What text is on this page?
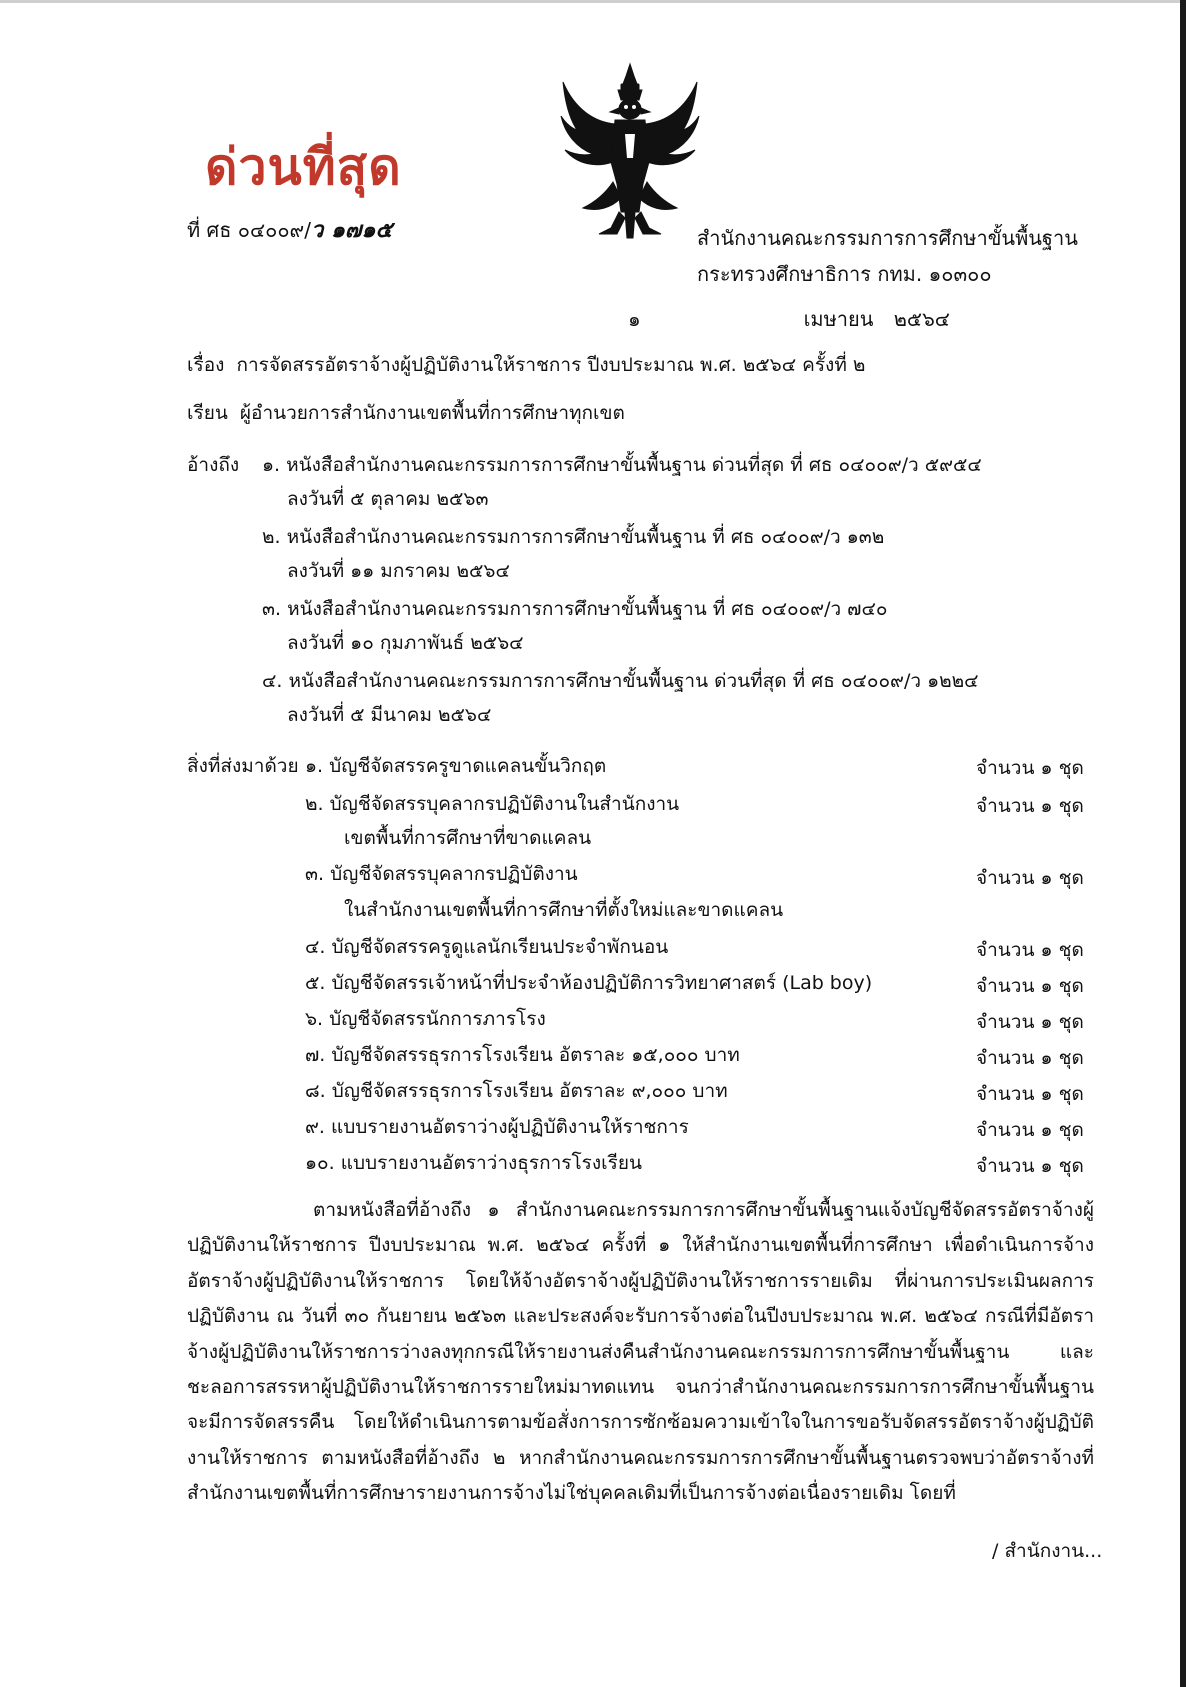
ด่วนที่สุด
ที่ ศธ ๐๔๐๐๙/ว ๑๗๑๕	สำนักงานคณะกรรมการการศึกษาขั้นพื้นฐาน
กระทรวงศึกษาธิการ กทม. ๑๐๓๐๐
๑	เมษายน ๒๕๖๔
เรื่อง การจัดสรรอัตราจ้างผู้ปฏิบัติงานให้ราชการ ปีงบประมาณ พ.ศ. ๒๕๖๔ ครั้งที่ ๒
เรียน ผู้อำนวยการสำนักงานเขตพื้นที่การศึกษาทุกเขต
อ้างถึง ๑. หนังสือสำนักงานคณะกรรมการการศึกษาขั้นพื้นฐาน ด่วนที่สุด ที่ ศธ ๐๔๐๐๙/ว ๕๙๕๔
ลงวันที่ ๕ ตุลาคม ๒๕๖๓
๒. หนังสือสำนักงานคณะกรรมการการศึกษาขั้นพื้นฐาน ที่ ศธ ๐๔๐๐๙/ว ๑๓๒
ลงวันที่ ๑๑ มกราคม ๒๕๖๔
๓. หนังสือสำนักงานคณะกรรมการการศึกษาขั้นพื้นฐาน ที่ ศธ ๐๔๐๐๙/ว ๗๔๐
ลงวันที่ ๑๐ กุมภาพันธ์ ๒๕๖๔
๔. หนังสือสำนักงานคณะกรรมการการศึกษาขั้นพื้นฐาน ด่วนที่สุด ที่ ศธ ๐๔๐๐๙/ว ๑๒๒๔
ลงวันที่ ๕ มีนาคม ๒๕๖๔
สิ่งที่ส่งมาด้วย ๑. บัญชีจัดสรรครูขาดแคลนขั้นวิกฤต	จำนวน ๑ ชุด
๒. บัญชีจัดสรรบุคลากรปฏิบัติงานในสำนักงาน
เขตพื้นที่การศึกษาที่ขาดแคลน
จำนวน ๑ ชุด
๓. บัญชีจัดสรรบุคลากรปฏิบัติงาน
ในสำนักงานเขตพื้นที่การศึกษาที่ตั้งใหม่และขาดแคลน
จำนวน ๑ ชุด
๔. บัญชีจัดสรรครูดูแลนักเรียนประจำพักนอน	จำนวน ๑ ชุด
๕. บัญชีจัดสรรเจ้าหน้าที่ประจำห้องปฏิบัติการวิทยาศาสตร์ (Lab boy)	จำนวน ๑ ชุด
๖. บัญชีจัดสรรนักการภารโรง	จำนวน ๑ ชุด
๗. บัญชีจัดสรรธุรการโรงเรียน อัตราละ ๑๕,๐๐๐ บาท	จำนวน ๑ ชุด
๘. บัญชีจัดสรรธุรการโรงเรียน อัตราละ ๙,๐๐๐ บาท	จำนวน ๑ ชุด
๙. แบบรายงานอัตราว่างผู้ปฏิบัติงานให้ราชการ	จำนวน ๑ ชุด
๑๐. แบบรายงานอัตราว่างธุรการโรงเรียน	จำนวน ๑ ชุด
ตามหนังสือที่อ้างถึง ๑ สำนักงานคณะกรรมการการศึกษาขั้นพื้นฐานแจ้งบัญชีจัดสรรอัตราจ้างผู้ปฏิบัติงานให้ราชการ ปีงบประมาณ พ.ศ. ๒๕๖๔ ครั้งที่ ๑ ให้สำนักงานเขตพื้นที่การศึกษา เพื่อดำเนินการจ้างอัตราจ้างผู้ปฏิบัติงานให้ราชการ โดยให้จ้างอัตราจ้างผู้ปฏิบัติงานให้ราชการรายเดิม ที่ผ่านการประเมินผลการปฏิบัติงาน ณ วันที่ ๓๐ กันยายน ๒๕๖๓ และประสงค์จะรับการจ้างต่อในปีงบประมาณ พ.ศ. ๒๕๖๔ กรณีที่มีอัตราจ้างผู้ปฏิบัติงานให้ราชการว่างลงทุกกรณีให้รายงานส่งคืนสำนักงานคณะกรรมการการศึกษาขั้นพื้นฐาน และชะลอการสรรหาผู้ปฏิบัติงานให้ราชการรายใหม่มาทดแทน จนกว่าสำนักงานคณะกรรมการการศึกษาขั้นพื้นฐานจะมีการจัดสรรคืน โดยให้ดำเนินการตามข้อสั่งการการซักซ้อมความเข้าใจในการขอรับจัดสรรอัตราจ้างผู้ปฏิบัติงานให้ราชการ ตามหนังสือที่อ้างถึง ๒ หากสำนักงานคณะกรรมการการศึกษาขั้นพื้นฐานตรวจพบว่าอัตราจ้างที่สำนักงานเขตพื้นที่การศึกษารายงานการจ้างไม่ใช่บุคคลเดิมที่เป็นการจ้างต่อเนื่องรายเดิม โดยที่
/ สำนักงาน...
